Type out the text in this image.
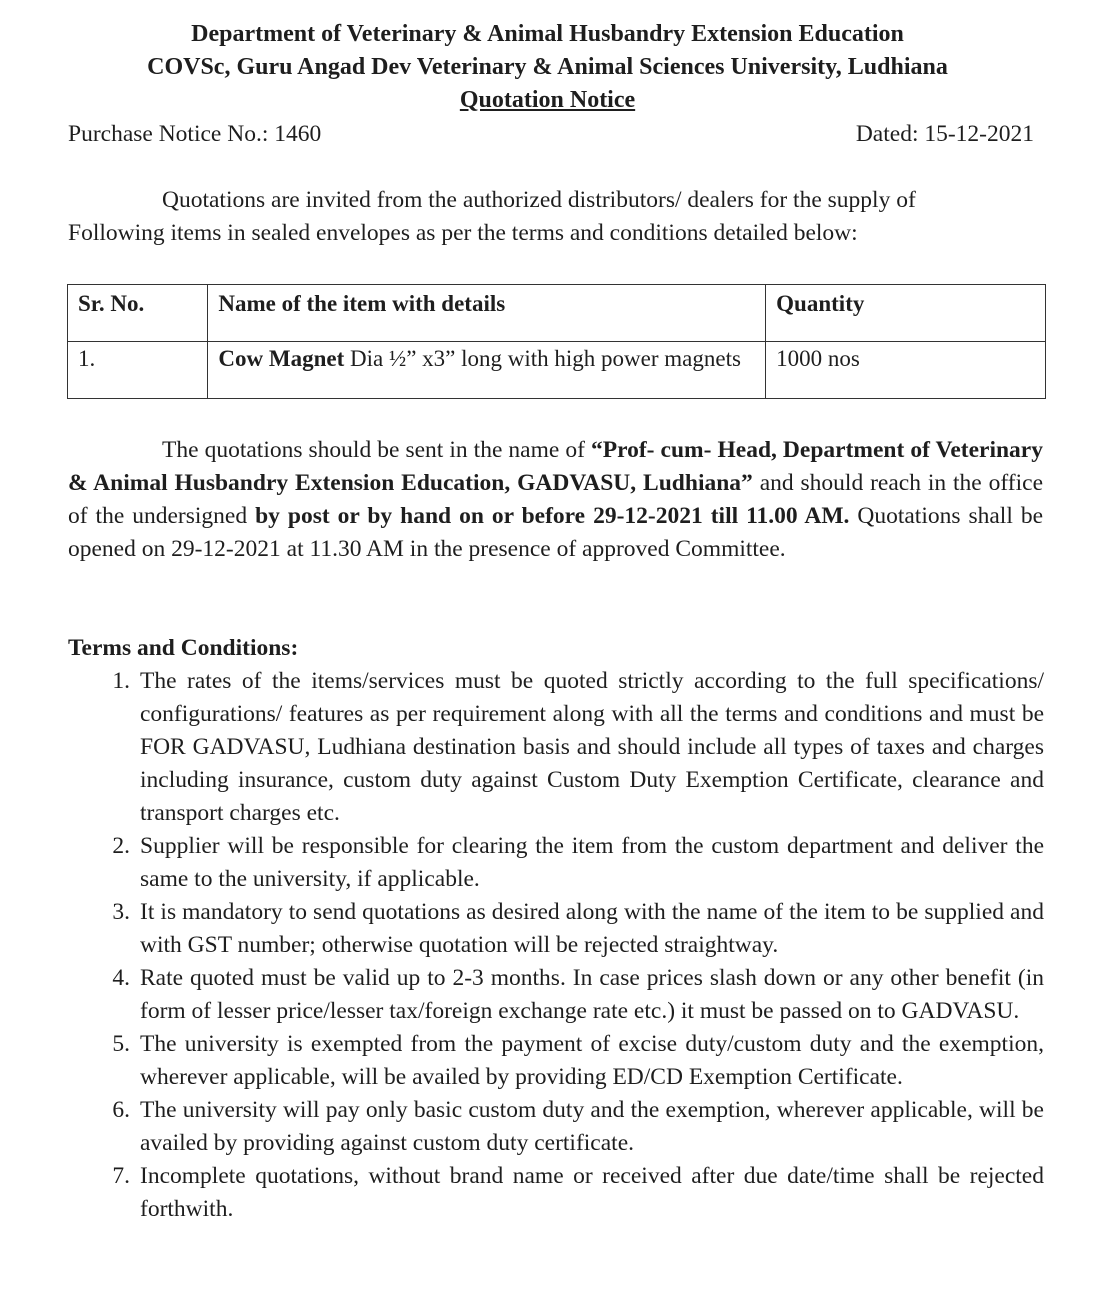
Department of Veterinary & Animal Husbandry Extension Education
COVSc, Guru Angad Dev Veterinary & Animal Sciences University, Ludhiana
Quotation Notice
Purchase Notice No.: 1460	Dated: 15-12-2021
Quotations are invited from the authorized distributors/ dealers for the supply of
Following items in sealed envelopes as per the terms and conditions detailed below:
Sr. No.	Name of the item with details	Quantity
1.	Cow Magnet Dia ½” x3” long with high power magnets	1000 nos
The quotations should be sent in the name of “Prof- cum- Head, Department of Veterinary & Animal Husbandry Extension Education, GADVASU, Ludhiana” and should reach in the office of the undersigned by post or by hand on or before 29-12-2021 till 11.00 AM. Quotations shall be opened on 29-12-2021 at 11.30 AM in the presence of approved Committee.
Terms and Conditions:
1. The rates of the items/services must be quoted strictly according to the full specifications/ configurations/ features as per requirement along with all the terms and conditions and must be FOR GADVASU, Ludhiana destination basis and should include all types of taxes and charges including insurance, custom duty against Custom Duty Exemption Certificate, clearance and transport charges etc.
2. Supplier will be responsible for clearing the item from the custom department and deliver the same to the university, if applicable.
3. It is mandatory to send quotations as desired along with the name of the item to be supplied and with GST number; otherwise quotation will be rejected straightway.
4. Rate quoted must be valid up to 2-3 months. In case prices slash down or any other benefit (in form of lesser price/lesser tax/foreign exchange rate etc.) it must be passed on to GADVASU.
5. The university is exempted from the payment of excise duty/custom duty and the exemption, wherever applicable, will be availed by providing ED/CD Exemption Certificate.
6. The university will pay only basic custom duty and the exemption, wherever applicable, will be availed by providing against custom duty certificate.
7. Incomplete quotations, without brand name or received after due date/time shall be rejected forthwith.
